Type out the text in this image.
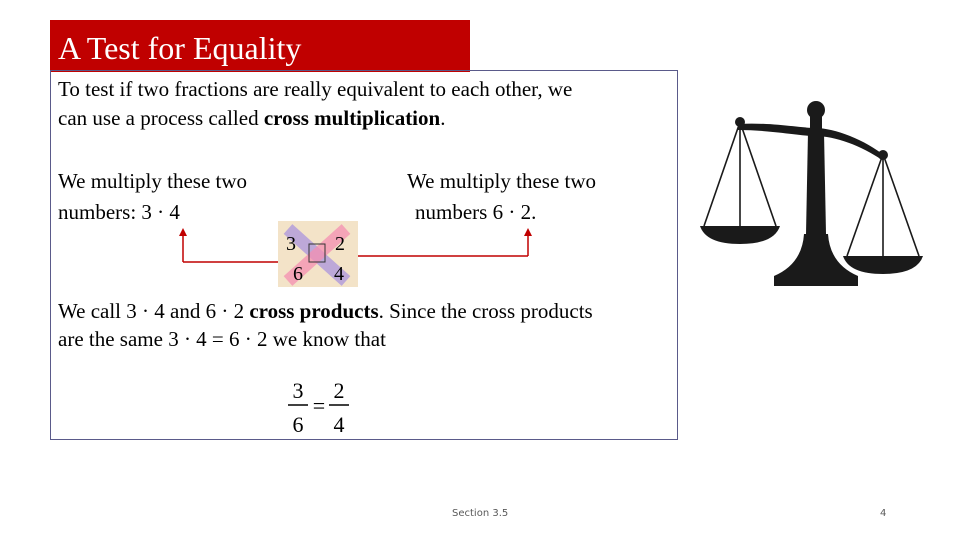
A Test for Equality
To test if two fractions are really equivalent to each other, we
can use a process called cross multiplication.
We multiply these two
numbers: 3 · 4
We multiply these two
numbers 6 · 2.
3 2
6 4
We call 3 · 4 and 6 · 2 cross products. Since the cross products
are the same 3 · 4 = 6 · 2 we know that
3
6
=
2
4
Section 3.5	4
